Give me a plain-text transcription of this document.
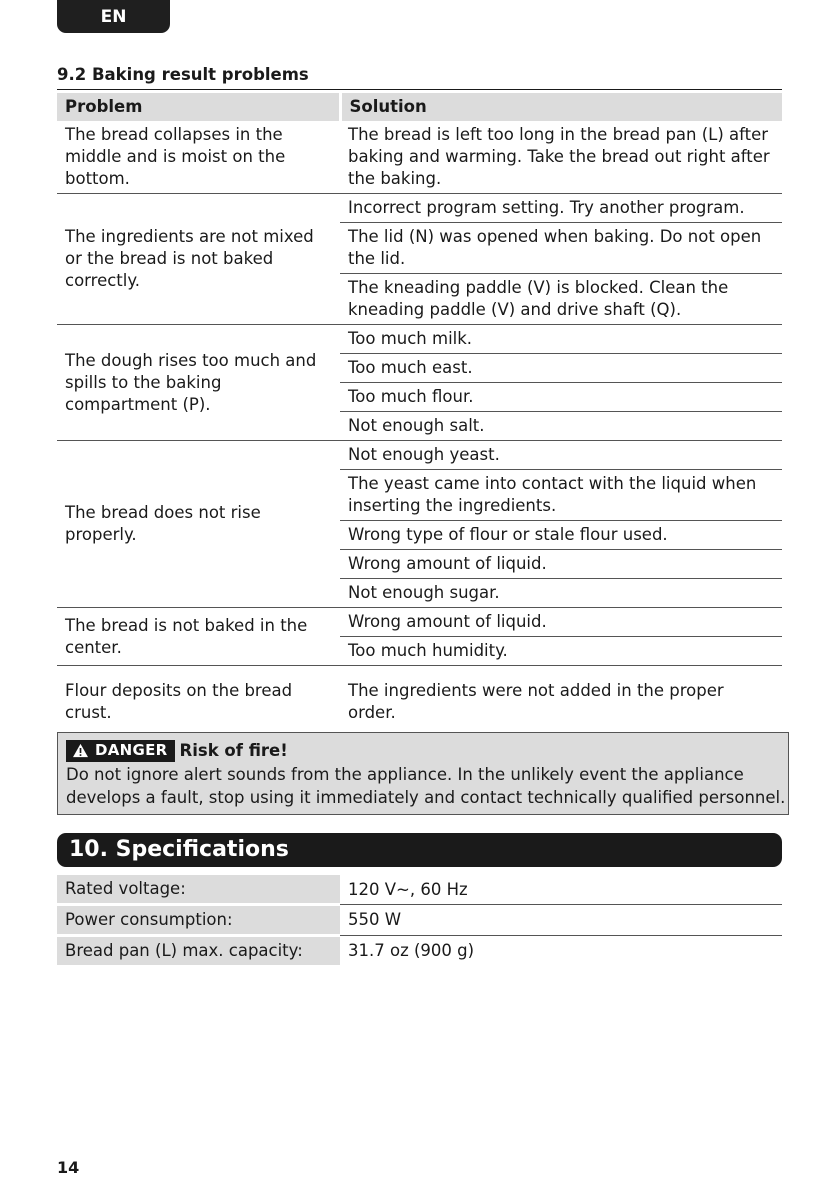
EN
9.2 Baking result problems
Problem	Solution
The bread collapses in the middle and is moist on the bottom.	The bread is left too long in the bread pan (L) after baking and warming. Take the bread out right after the baking.
The ingredients are not mixed or the bread is not baked correctly.	Incorrect program setting. Try another program.
	The lid (N) was opened when baking. Do not open the lid.
	The kneading paddle (V) is blocked. Clean the kneading paddle (V) and drive shaft (Q).
The dough rises too much and spills to the baking compartment (P).	Too much milk.
	Too much east.
	Too much flour.
	Not enough salt.
The bread does not rise properly.	Not enough yeast.
	The yeast came into contact with the liquid when inserting the ingredients.
	Wrong type of flour or stale flour used.
	Wrong amount of liquid.
	Not enough sugar.
The bread is not baked in the center.	Wrong amount of liquid.
	Too much humidity.
Flour deposits on the bread crust.	The ingredients were not added in the proper order.
DANGER Risk of fire!
Do not ignore alert sounds from the appliance. In the unlikely event the appliance develops a fault, stop using it immediately and contact technically qualified personnel.
10. Specifications
Rated voltage:	120 V~, 60 Hz
Power consumption:	550 W
Bread pan (L) max. capacity:	31.7 oz (900 g)
14
